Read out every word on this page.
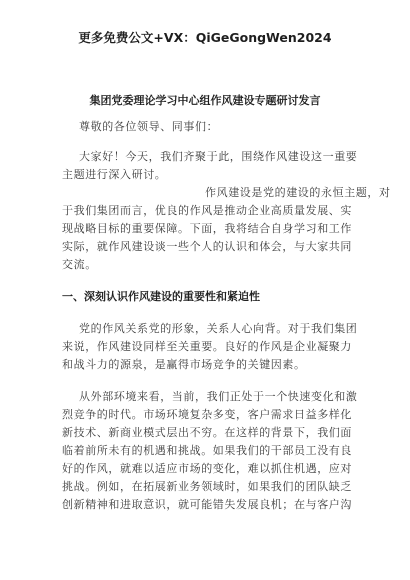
更多免费公文+VX：QiGeGongWen2024
集团党委理论学习中心组作风建设专题研讨发言
尊敬的各位领导、同事们：
大家好！今天，我们齐聚于此，围绕作风建设这一重要
主题进行深入研讨。
作风建设是党的建设的永恒主题，对
于我们集团而言，优良的作风是推动企业高质量发展、实
现战略目标的重要保障。下面，我将结合自身学习和工作
实际，就作风建设谈一些个人的认识和体会，与大家共同
交流。
一、深刻认识作风建设的重要性和紧迫性
党的作风关系党的形象，关系人心向背。对于我们集团
来说，作风建设同样至关重要。良好的作风是企业凝聚力
和战斗力的源泉，是赢得市场竞争的关键因素。
从外部环境来看，当前，我们正处于一个快速变化和激
烈竞争的时代。市场环境复杂多变，客户需求日益多样化
新技术、新商业模式层出不穷。在这样的背景下，我们面
临着前所未有的机遇和挑战。如果我们的干部员工没有良
好的作风，就难以适应市场的变化，难以抓住机遇，应对
挑战。例如，在拓展新业务领域时，如果我们的团队缺乏
创新精神和进取意识，就可能错失发展良机；在与客户沟
